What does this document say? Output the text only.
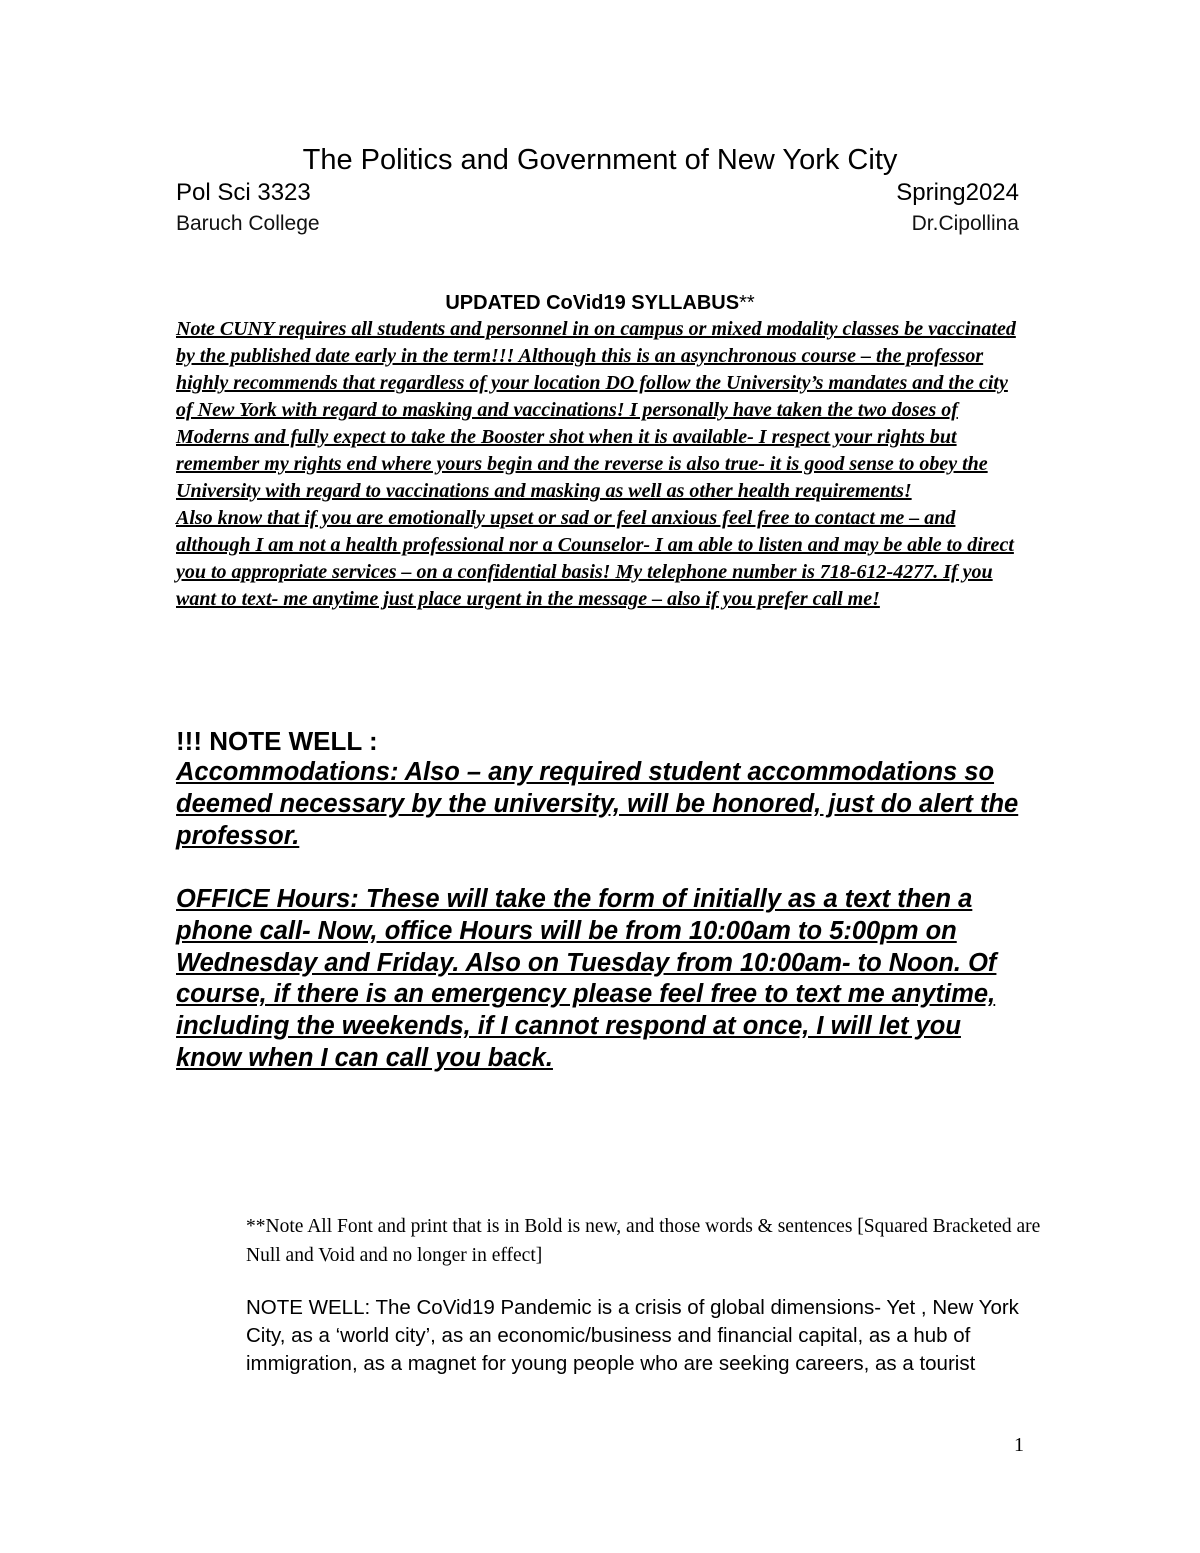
The Politics and Government of New York City
Pol Sci 3323	Spring2024
Baruch College	Dr.Cipollina
UPDATED CoVid19 SYLLABUS**

Note CUNY requires all students and personnel in on campus or mixed modality classes be vaccinated by the published date early in the term!!! Although this is an asynchronous course – the professor highly recommends that regardless of your location DO follow the University’s mandates and the city of New York with regard to masking and vaccinations! I personally have taken the two doses of Moderns and fully expect to take the Booster shot when it is available- I respect your rights but remember my rights end where yours begin and the reverse is also true- it is good sense to obey the University with regard to vaccinations and masking as well as other health requirements!

Also know that if you are emotionally upset or sad or feel anxious feel free to contact me – and although I am not a health professional nor a Counselor- I am able to listen and may be able to direct you to appropriate services – on a confidential basis! My telephone number is 718-612-4277. If you want to text- me anytime just place urgent in the message – also if you prefer call me!

!!! NOTE WELL :

Accommodations: Also – any required student accommodations so deemed necessary by the university, will be honored, just do alert the professor.

OFFICE Hours: These will take the form of initially as a text then a phone call- Now, office Hours will be from 10:00am to 5:00pm on Wednesday and Friday. Also on Tuesday from 10:00am- to Noon. Of course, if there is an emergency please feel free to text me anytime, including the weekends, if I cannot respond at once, I will let you know when I can call you back.

**Note All Font and print that is in Bold is new, and those words & sentences [Squared Bracketed are Null and Void and no longer in effect]
NOTE WELL: The CoVid19 Pandemic is a crisis of global dimensions- Yet , New York City, as a ‘world city’, as an economic/business and financial capital, as a hub of immigration, as a magnet for young people who are seeking careers, as a tourist
1
